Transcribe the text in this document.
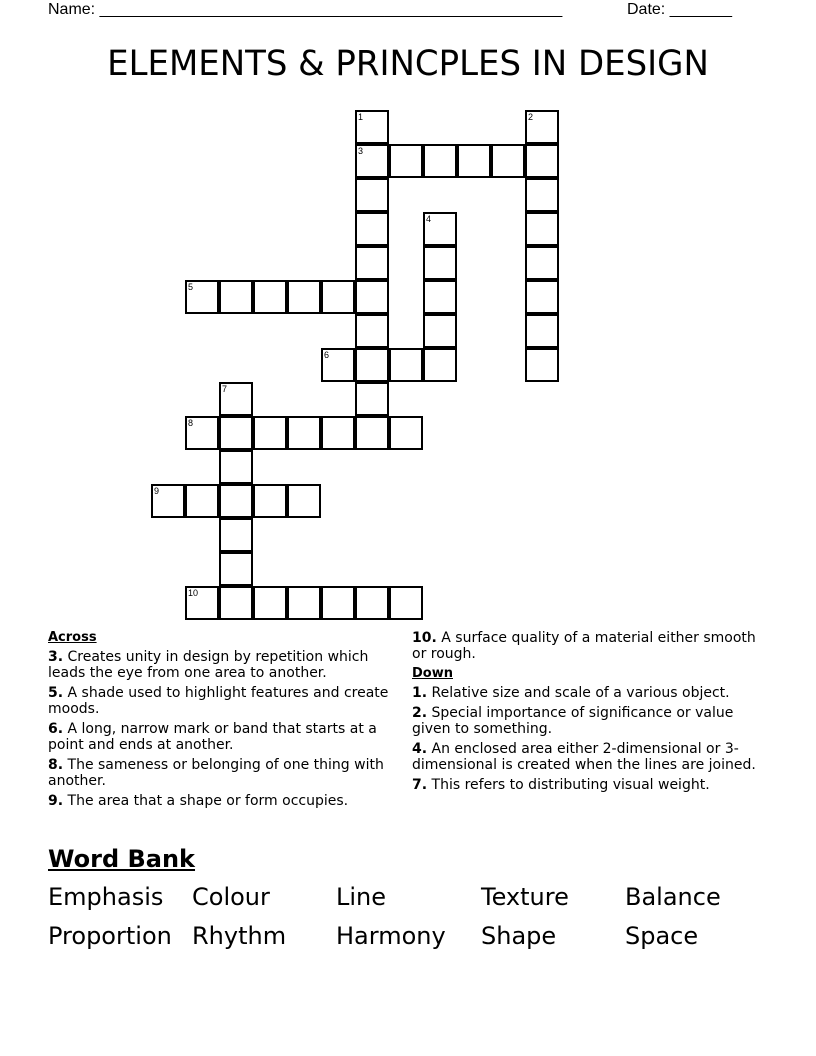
Name: ____________________________________________________	Date: _______
ELEMENTS & PRINCPLES IN DESIGN
3
5
6
8
9
10
1	2
4
7
Across
3. Creates unity in design by repetition which leads the eye from one area to another.
5. A shade used to highlight features and create moods.
6. A long, narrow mark or band that starts at a point and ends at another.
8. The sameness or belonging of one thing with another.
9. The area that a shape or form occupies.
10. A surface quality of a material either smooth or rough.
Down
1. Relative size and scale of a various object.
2. Special importance of significance or value given to something.
4. An enclosed area either 2-dimensional or 3-dimensional is created when the lines are joined.
7. This refers to distributing visual weight.
Word Bank
Emphasis Colour	Line	Texture Balance
Proportion Rhythm Harmony Shape	Space
